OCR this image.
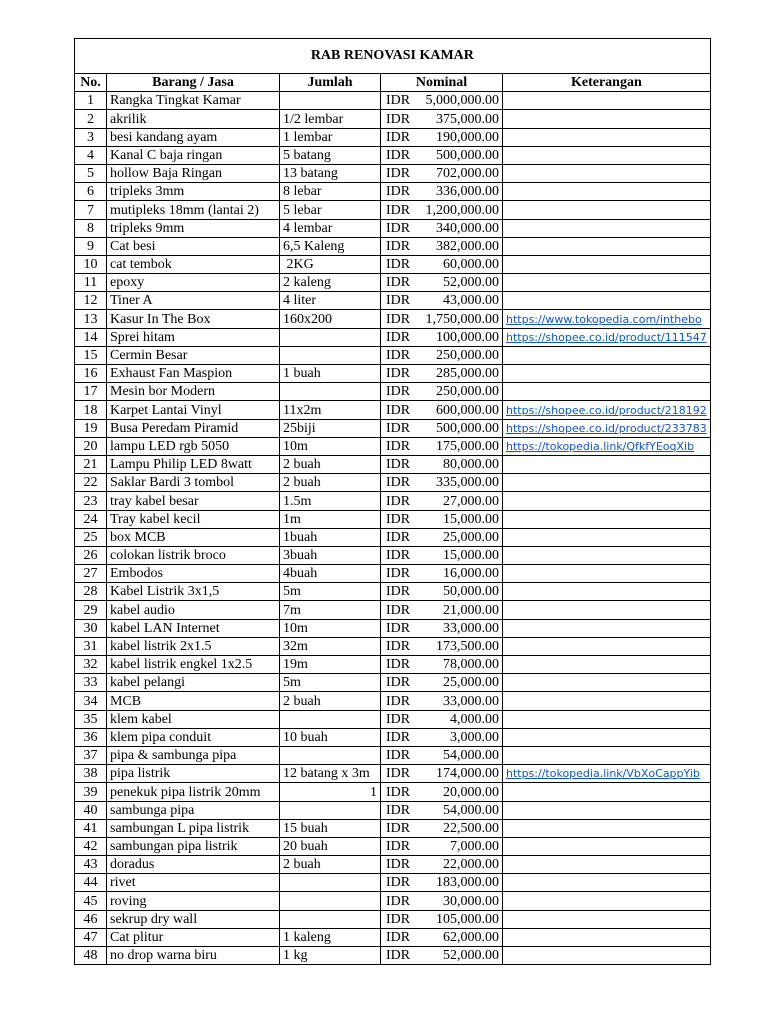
RAB RENOVASI KAMAR				
No.	Barang / Jasa	Jumlah	Nominal	Keterangan
1	Rangka Tingkat Kamar		IDR 5,000,000.00	

2	akrilik	1/2 lembar	IDR 375,000.00	

3	besi kandang ayam	1 lembar	IDR 190,000.00	

4	Kanal C baja ringan	5 batang	IDR 500,000.00	

5	hollow Baja Ringan	13 batang	IDR 702,000.00	

6	tripleks 3mm	8 lebar	IDR 336,000.00	

7	mutipleks 18mm (lantai 2)	5 lebar	IDR 1,200,000.00	

8	tripleks 9mm	4 lembar	IDR 340,000.00	

9	Cat besi	6,5 Kaleng	IDR 382,000.00	

10	cat tembok	2KG	IDR 60,000.00	

11	epoxy	2 kaleng	IDR 52,000.00	

12	Tiner A	4 liter	IDR 43,000.00	

13	Kasur In The Box	160x200	IDR 1,750,000.00	https://www.tokopedia.com/inthebo
14	Sprei hitam		IDR 100,000.00	https://shopee.co.id/product/111547
15	Cermin Besar		IDR 250,000.00	

16	Exhaust Fan Maspion	1 buah	IDR 285,000.00	

17	Mesin bor Modern		IDR 250,000.00	

18	Karpet Lantai Vinyl	11x2m	IDR 600,000.00	https://shopee.co.id/product/218192
19	Busa Peredam Piramid	25biji	IDR 500,000.00	https://shopee.co.id/product/233783
20	lampu LED rgb 5050	10m	IDR 175,000.00	https://tokopedia.link/QfkfYEoqXib
21	Lampu Philip LED 8watt	2 buah	IDR 80,000.00	

22	Saklar Bardi 3 tombol	2 buah	IDR 335,000.00	

23	tray kabel besar	1.5m	IDR 27,000.00	

24	Tray kabel kecil	1m	IDR 15,000.00	

25	box MCB	1buah	IDR 25,000.00	

26	colokan listrik broco	3buah	IDR 15,000.00	

27	Embodos	4buah	IDR 16,000.00	

28	Kabel Listrik 3x1,5	5m	IDR 50,000.00	

29	kabel audio	7m	IDR 21,000.00	

30	kabel LAN Internet	10m	IDR 33,000.00	

31	kabel listrik 2x1.5	32m	IDR 173,500.00	

32	kabel listrik engkel 1x2.5	19m	IDR 78,000.00	

33	kabel pelangi	5m	IDR 25,000.00	

34	MCB	2 buah	IDR 33,000.00	

35	klem kabel		IDR 4,000.00	

36	klem pipa conduit	10 buah	IDR 3,000.00	

37	pipa & sambunga pipa		IDR 54,000.00	

38	pipa listrik	12 batang x 3m	IDR 174,000.00	https://tokopedia.link/VbXoCappYib
39	penekuk pipa listrik 20mm	1	IDR 20,000.00	

40	sambunga pipa		IDR 54,000.00	

41	sambungan L pipa listrik	15 buah	IDR 22,500.00	

42	sambungan pipa listrik	20 buah	IDR 7,000.00	

43	doradus	2 buah	IDR 22,000.00	

44	rivet		IDR 183,000.00	

45	roving		IDR 30,000.00	

46	sekrup dry wall		IDR 105,000.00	

47	Cat plitur	1 kaleng	IDR 62,000.00	

48	no drop warna biru	1 kg	IDR 52,000.00	
